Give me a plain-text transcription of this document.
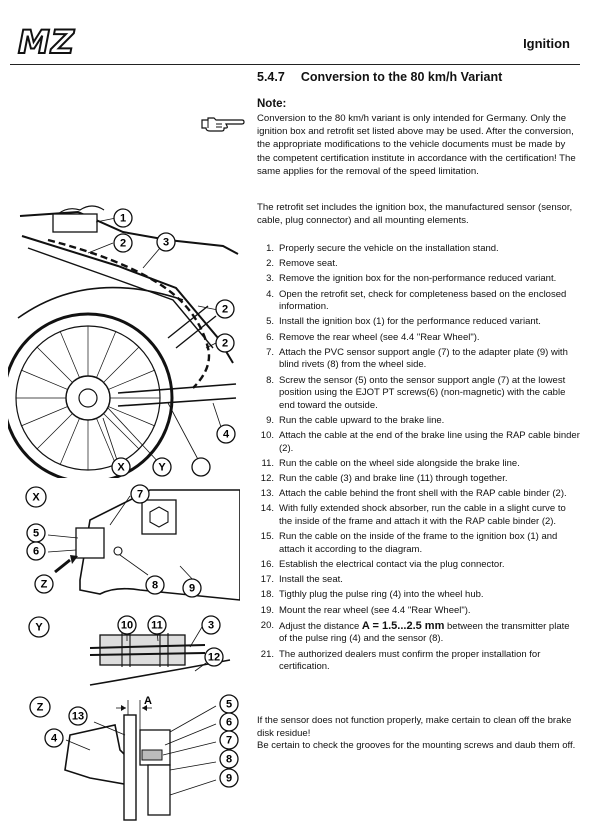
MZ	Ignition
5.4.7 Conversion to the 80 km/h Variant
Note:
Conversion to the 80 km/h variant is only intended for Germany. Only the ignition box and retrofit set listed above may be used. After the conversion, the appropriate modifications to the vehicle documents must be made by the competent certification institute in accordance with the certification! The same applies for the removal of the speed limitation.
The retrofit set includes the ignition box, the manufactured sensor (sensor, cable, plug connector) and all mounting elements.
1 . Properly secure the vehicle on the installation stand.
2 . Remove seat.
3 . Remove the ignition box for the non-performance reduced variant.
4 . Open the retrofit set, check for completeness based on the enclosed information.
5 . Install the ignition box (1) for the performance reduced variant.
6 . Remove the rear wheel (see 4.4 "Rear Wheel").
7 . Attach the PVC sensor support angle (7) to the adapter plate (9) with blind rivets (8) from the wheel side.
8 . Screw the sensor (5) onto the sensor support angle (7) at the lowest position using the EJOT PT screws(6) (non-magnetic) with the cable end toward the outside.
9 . Run the cable upward to the brake line.
10 . Attach the cable at the end of the brake line using the RAP cable binder (2).
11 . Run the cable on the wheel side alongside the brake line.
12 . Run the cable (3) and brake line (11) through together.
13 . Attach the cable behind the front shell with the RAP cable binder (2).
14 . With fully extended shock absorber, run the cable in a slight curve to the inside of the frame and attach it with the RAP cable binder (2).
15 . Run the cable on the inside of the frame to the ignition box (1) and attach it according to the diagram.
16 . Establish the electrical contact via the plug connector.
17 . Install the seat.
18 . Tigthly plug the pulse ring (4) into the wheel hub.
19 . Mount the rear wheel (see 4.4 "Rear Wheel").
20 . Adjust the distance A = 1.5...2.5 mm between the transmitter plate of the pulse ring (4) and the sensor (8).
21 . The authorized dealers must confirm the proper installation for certification.
If the sensor does not function properly, make certain to clean off the brake disk residue!
Be certain to check the grooves for the mounting screws and daub them off.
A
1
2	3
2
2
4
X	Y
X	7
5
6
Z	8	9
Y	10 11	3
12
Z
13
4
5
6
7
8
9
